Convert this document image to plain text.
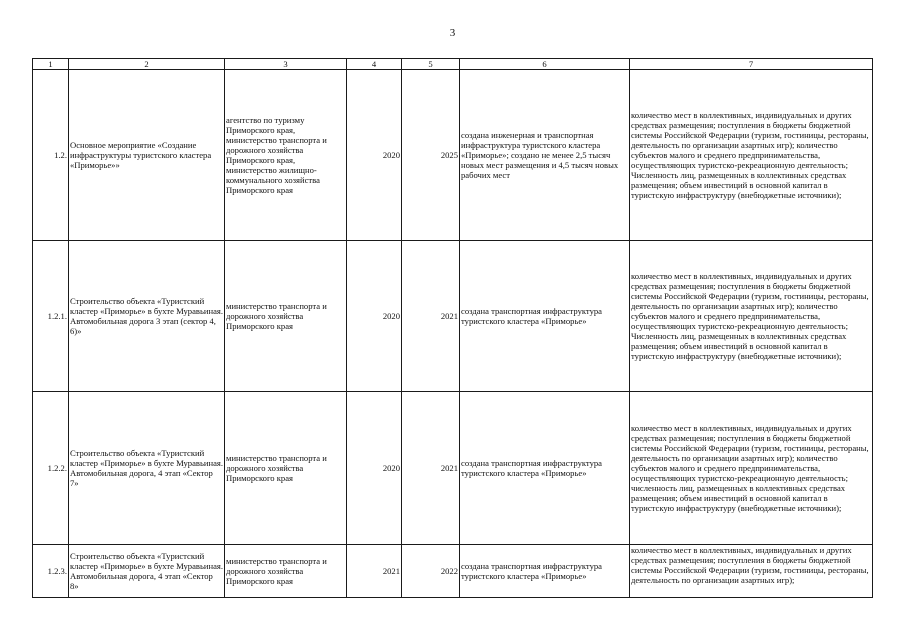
3
1	2	3	4	5	6	7
1.2.	Основное мероприятие «Создание инфраструктуры туристского кластера «Приморье»»	агентство по туризму Приморского края, министерство транспорта и дорожного хозяйства Приморского края, министерство жилищно-коммунального хозяйства Приморского края	2020	2025	создана инженерная и транспортная инфраструктура туристского кластера «Приморье»; создано не менее 2,5 тысяч новых мест размещения и 4,5 тысяч новых рабочих мест	количество мест в коллективных, индивидуальных и других средствах размещения; поступления в бюджеты бюджетной системы Российской Федерации (туризм, гостиницы, рестораны, деятельность по организации азартных игр); количество субъектов малого и среднего предпринимательства, осуществляющих туристско-рекреационную деятельность; Численность лиц, размещенных в коллективных средствах размещения; объем инвестиций в основной капитал в туристскую инфраструктуру (внебюджетные источники);
1.2.1.	Строительство объекта «Туристский кластер «Приморье» в бухте Муравьиная. Автомобильная дорога 3 этап (сектор 4, 6)»	министерство транспорта и дорожного хозяйства Приморского края	2020	2021	создана транспортная инфраструктура туристского кластера «Приморье»	количество мест в коллективных, индивидуальных и других средствах размещения; поступления в бюджеты бюджетной системы Российской Федерации (туризм, гостиницы, рестораны, деятельность по организации азартных игр); количество субъектов малого и среднего предпринимательства, осуществляющих туристско-рекреационную деятельность; Численность лиц, размещенных в коллективных средствах размещения; объем инвестиций в основной капитал в туристскую инфраструктуру (внебюджетные источники);
1.2.2.	Строительство объекта «Туристский кластер «Приморье» в бухте Муравьиная. Автомобильная дорога, 4 этап «Сектор 7»	министерство транспорта и дорожного хозяйства Приморского края	2020	2021	создана транспортная инфраструктура туристского кластера «Приморье»	количество мест в коллективных, индивидуальных и других средствах размещения; поступления в бюджеты бюджетной системы Российской Федерации (туризм, гостиницы, рестораны, деятельность по организации азартных игр); количество субъектов малого и среднего предпринимательства, осуществляющих туристско-рекреационную деятельность; численность лиц, размещенных в коллективных средствах размещения; объем инвестиций в основной капитал в туристскую инфраструктуру (внебюджетные источники);
1.2.3.	Строительство объекта «Туристский кластер «Приморье» в бухте Муравьиная. Автомобильная дорога, 4 этап «Сектор 8»	министерство транспорта и дорожного хозяйства Приморского края	2021	2022	создана транспортная инфраструктура туристского кластера «Приморье»	количество мест в коллективных, индивидуальных и других средствах размещения; поступления в бюджеты бюджетной системы Российской Федерации (туризм, гостиницы, рестораны, деятельность по организации азартных игр);
